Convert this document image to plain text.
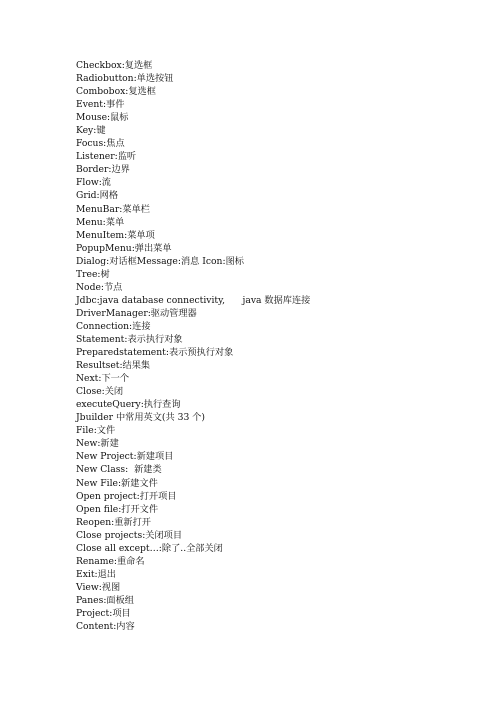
Checkbox:复选框
Radiobutton:单选按钮
Combobox:复选框
Event:事件
Mouse:鼠标
Key:键
Focus:焦点
Listener:监听
Border:边界
Flow:流
Grid:网格
MenuBar:菜单栏
Menu:菜单
MenuItem:菜单项
PopupMenu:弹出菜单
Dialog:对话框Message:消息 Icon:图标
Tree:树
Node:节点
Jdbc:java database connectivity,      java 数据库连接
DriverManager:驱动管理器
Connection:连接
Statement:表示执行对象
Preparedstatement:表示预执行对象
Resultset:结果集
Next:下一个
Close:关闭
executeQuery:执行查询
Jbuilder 中常用英文(共 33 个)
File:文件
New:新建
New Project:新建项目
New Class:  新建类
New File:新建文件
Open project:打开项目
Open file:打开文件
Reopen:重新打开
Close projects:关闭项目
Close all except…:除了..全部关闭
Rename:重命名
Exit:退出
View:视图
Panes:面板组
Project:项目
Content:内容
